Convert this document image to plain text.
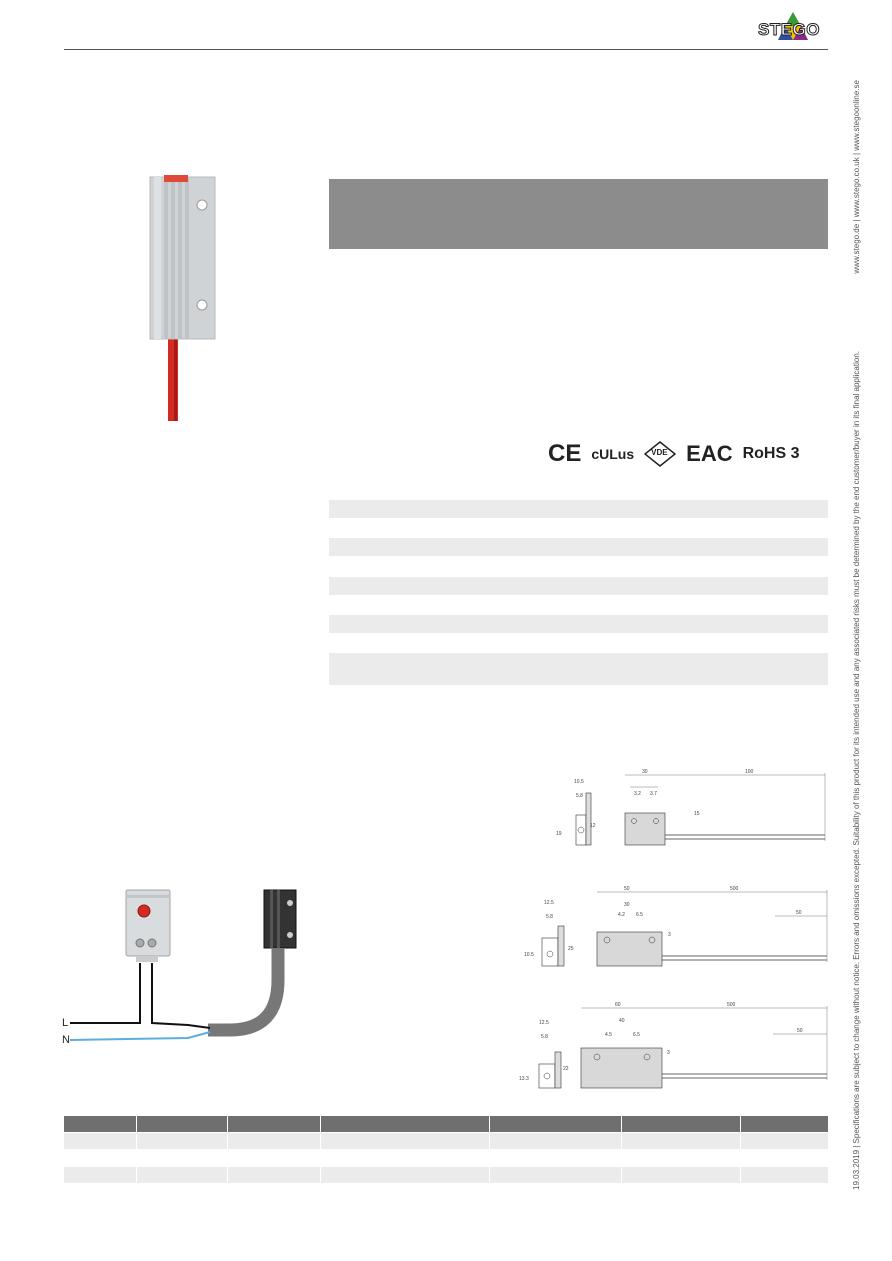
STEGO
www.stego.de | www.stego.co.uk | www.stegoonline.se
19.03.2019 | Specifications are subject to change without notice. Errors and omissions excepted. Suitability of this product for its intended use and any associated risks must be determined by the end customer/buyer in its final application.
CE cULus VDE EAC RoHS 3
10.5
5.8
19
12
30
3.2 3.7
15
100
12.5
5.8
10.5
25
50
30
4.2 6.5
3
500
50
12.5
5.8
13.3
22
60
40
4.5	6.5
3
500
50
L
N
